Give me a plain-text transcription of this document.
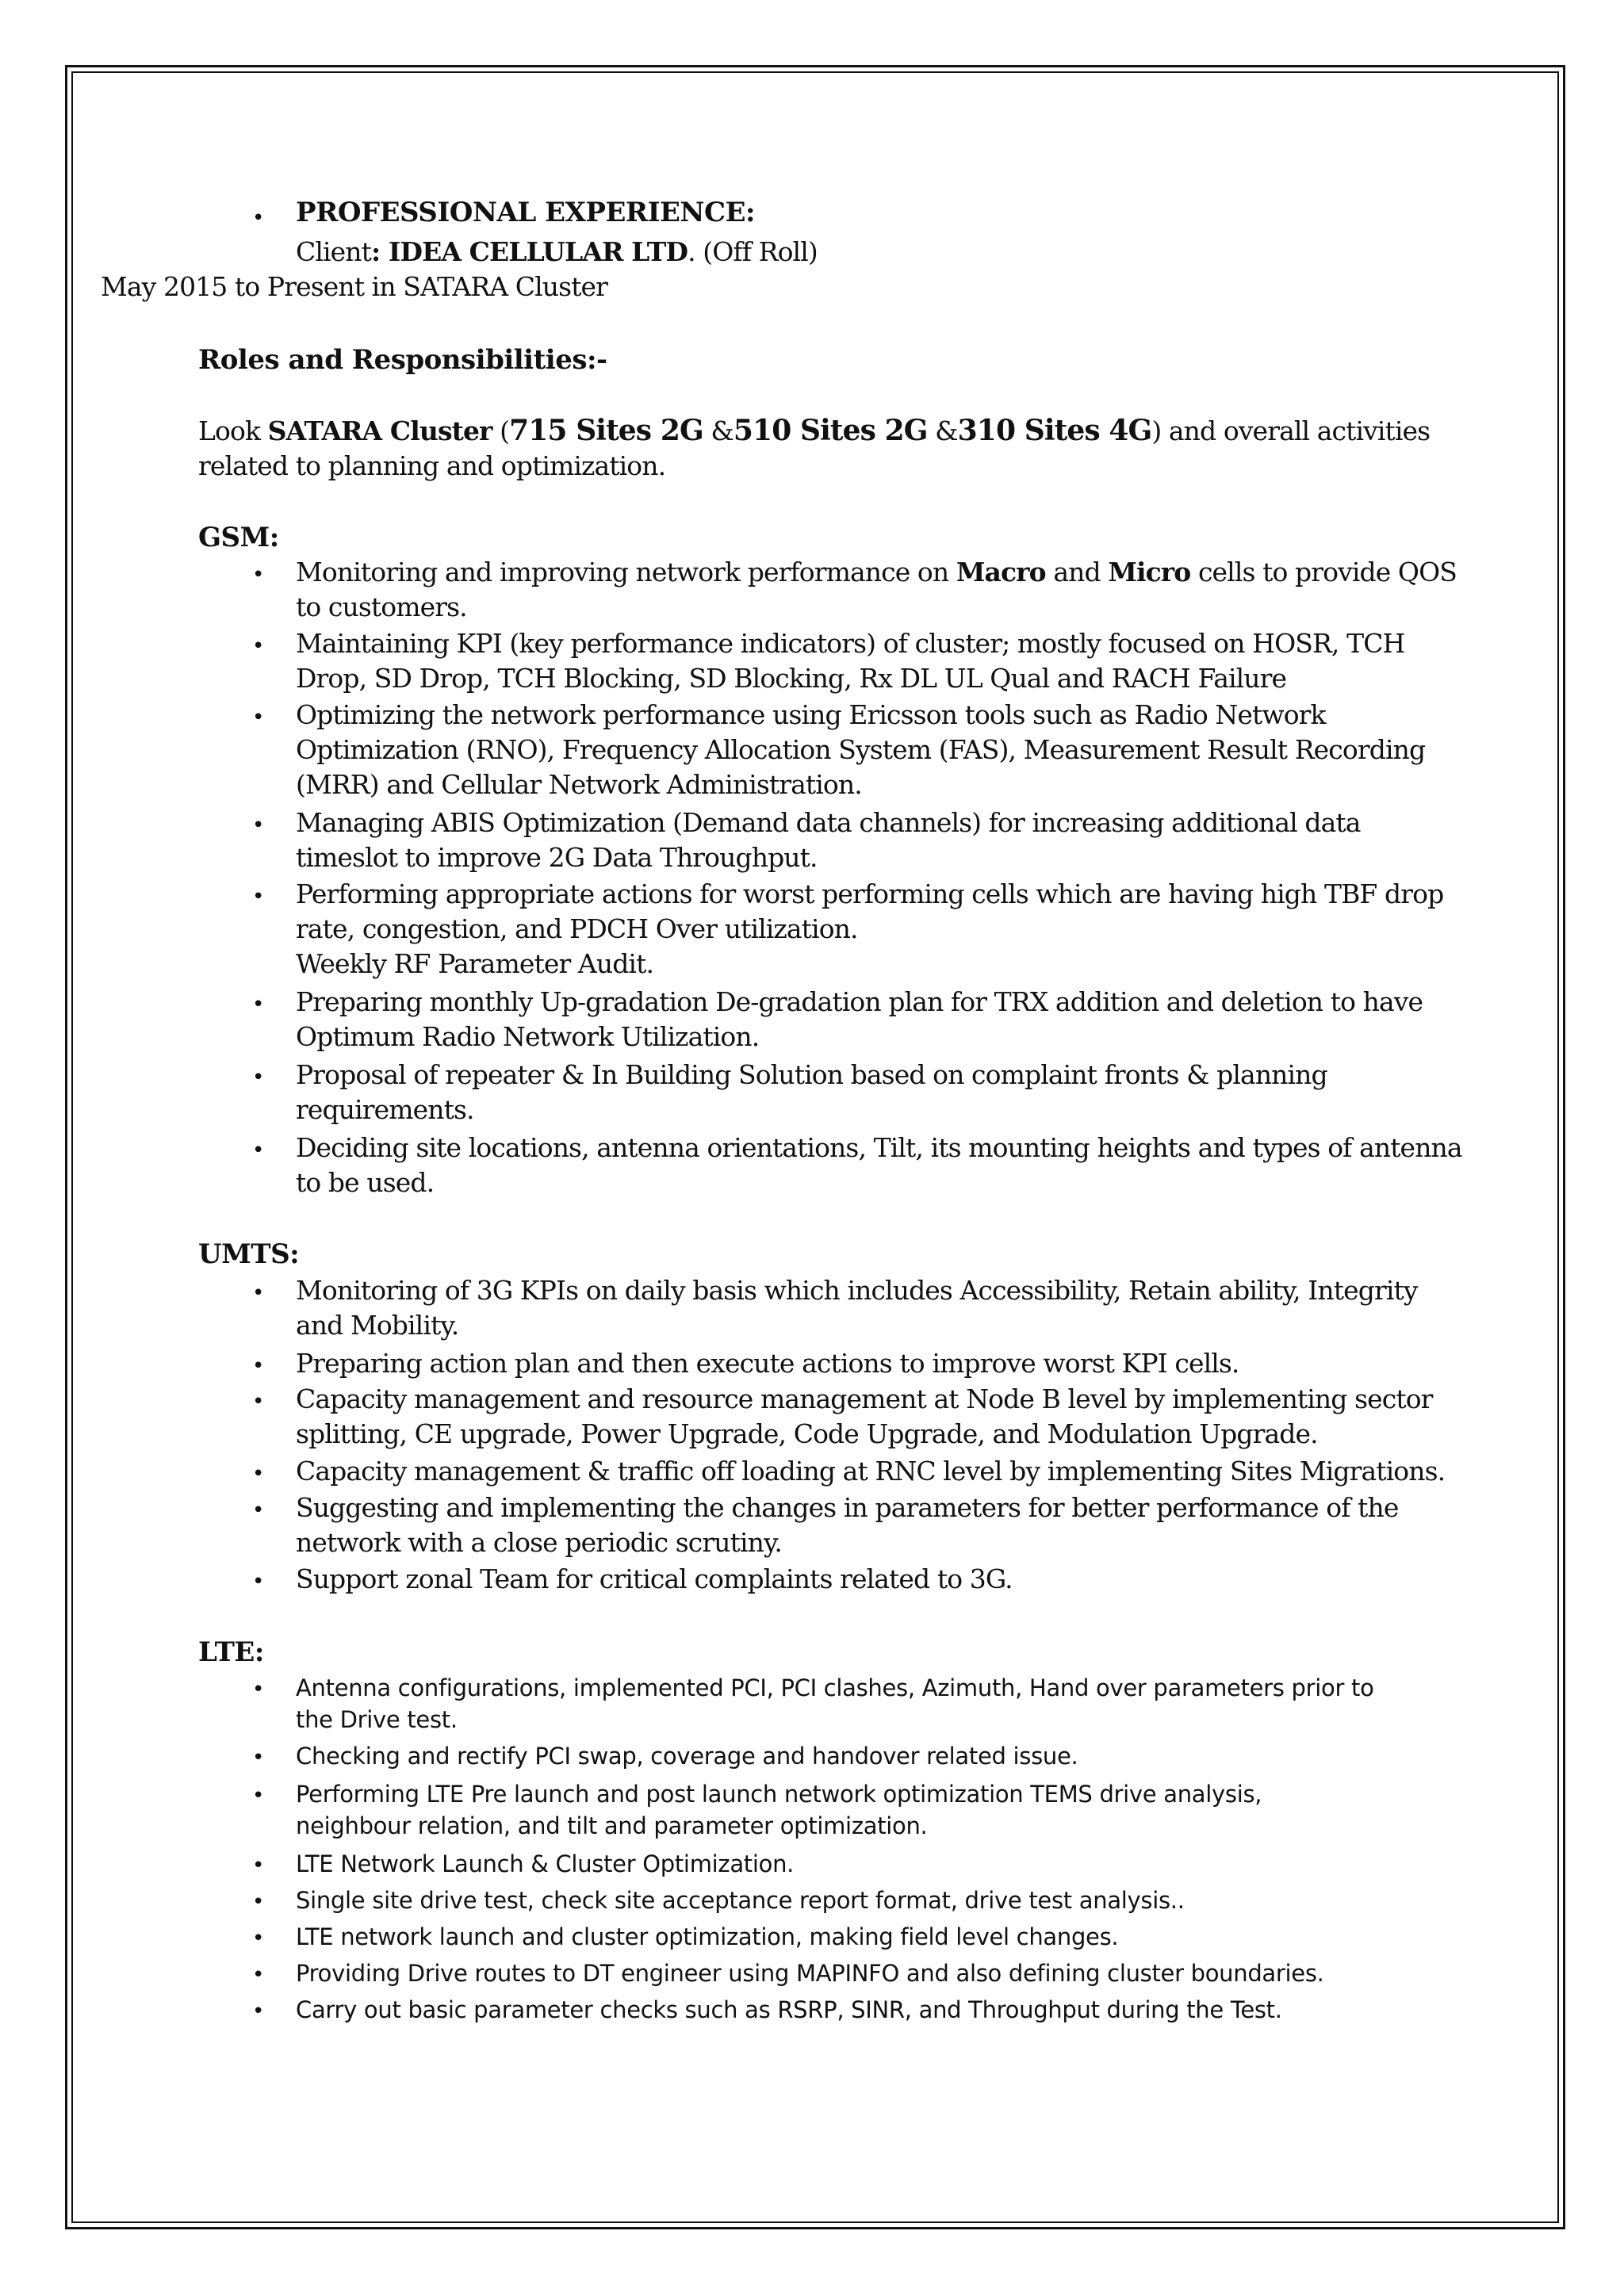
• PROFESSIONAL EXPERIENCE:
Client: IDEA CELLULAR LTD. (Off Roll)
May 2015 to Present in SATARA Cluster
Roles and Responsibilities:-
Look SATARA Cluster (715 Sites 2G &510 Sites 2G &310 Sites 4G) and overall activities
related to planning and optimization.
GSM:
• Monitoring and improving network performance on Macro and Micro cells to provide QOS
to customers.
• Maintaining KPI (key performance indicators) of cluster; mostly focused on HOSR, TCH
Drop, SD Drop, TCH Blocking, SD Blocking, Rx DL UL Qual and RACH Failure
• Optimizing the network performance using Ericsson tools such as Radio Network
Optimization (RNO), Frequency Allocation System (FAS), Measurement Result Recording
(MRR) and Cellular Network Administration.
• Managing ABIS Optimization (Demand data channels) for increasing additional data
timeslot to improve 2G Data Throughput.
• Performing appropriate actions for worst performing cells which are having high TBF drop
rate, congestion, and PDCH Over utilization.
Weekly RF Parameter Audit.
• Preparing monthly Up-gradation De-gradation plan for TRX addition and deletion to have
Optimum Radio Network Utilization.
• Proposal of repeater & In Building Solution based on complaint fronts & planning
requirements.
• Deciding site locations, antenna orientations, Tilt, its mounting heights and types of antenna
to be used.
UMTS:
• Monitoring of 3G KPIs on daily basis which includes Accessibility, Retain ability, Integrity
and Mobility.
• Preparing action plan and then execute actions to improve worst KPI cells.
• Capacity management and resource management at Node B level by implementing sector
splitting, CE upgrade, Power Upgrade, Code Upgrade, and Modulation Upgrade.
• Capacity management & traffic off loading at RNC level by implementing Sites Migrations.
• Suggesting and implementing the changes in parameters for better performance of the
network with a close periodic scrutiny.
• Support zonal Team for critical complaints related to 3G.
LTE:
• Antenna configurations, implemented PCI, PCI clashes, Azimuth, Hand over parameters prior to
the Drive test.
• Checking and rectify PCI swap, coverage and handover related issue.
• Performing LTE Pre launch and post launch network optimization TEMS drive analysis,
neighbour relation, and tilt and parameter optimization.
• LTE Network Launch & Cluster Optimization.
• Single site drive test, check site acceptance report format, drive test analysis..
• LTE network launch and cluster optimization, making field level changes.
• Providing Drive routes to DT engineer using MAPINFO and also defining cluster boundaries.
• Carry out basic parameter checks such as RSRP, SINR, and Throughput during the Test.
